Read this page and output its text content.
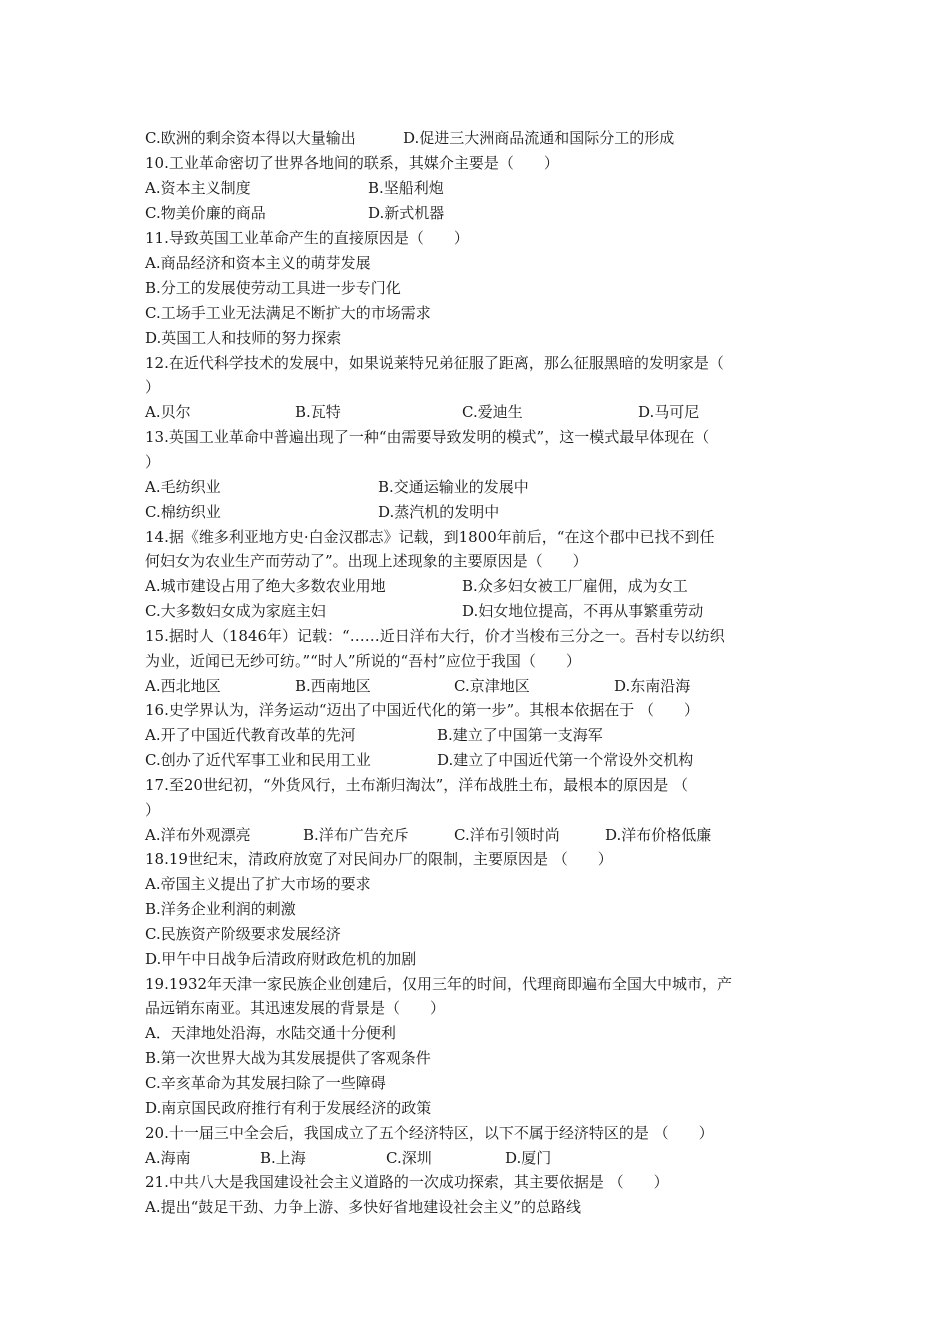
C.欧洲的剩余资本得以大量输出	D.促进三大洲商品流通和国际分工的形成
10.工业革命密切了世界各地间的联系，其媒介主要是（　　）
A.资本主义制度	B.坚船利炮
C.物美价廉的商品	D.新式机器
11.导致英国工业革命产生的直接原因是（　　）
A.商品经济和资本主义的萌芽发展
B.分工的发展使劳动工具进一步专门化
C.工场手工业无法满足不断扩大的市场需求
D.英国工人和技师的努力探索
12.在近代科学技术的发展中，如果说莱特兄弟征服了距离，那么征服黑暗的发明家是（
）
A.贝尔	B.瓦特	C.爱迪生	D.马可尼
13.英国工业革命中普遍出现了一种“由需要导致发明的模式”，这一模式最早体现在（
）
A.毛纺织业	B.交通运输业的发展中
C.棉纺织业	D.蒸汽机的发明中
14.据《维多利亚地方史·白金汉郡志》记载，到1800年前后，“在这个郡中已找不到任
何妇女为农业生产而劳动了”。出现上述现象的主要原因是（　　）
A.城市建设占用了绝大多数农业用地	B.众多妇女被工厂雇佣，成为女工
C.大多数妇女成为家庭主妇	D.妇女地位提高，不再从事繁重劳动
15.据时人（1846年）记载：“……近日洋布大行，价才当梭布三分之一。吾村专以纺织
为业，近闻已无纱可纺。”“时人”所说的“吾村”应位于我国（　　）
A.西北地区	B.西南地区	C.京津地区	D.东南沿海
16.史学界认为，洋务运动“迈出了中国近代化的第一步”。其根本依据在于 （　　）
A.开了中国近代教育改革的先河	B.建立了中国第一支海军
C.创办了近代军事工业和民用工业	D.建立了中国近代第一个常设外交机构
17.至20世纪初，“外货风行，土布渐归淘汰”，洋布战胜土布，最根本的原因是 （
）
A.洋布外观漂亮	B.洋布广告充斥	C.洋布引领时尚	D.洋布价格低廉
18.19世纪末，清政府放宽了对民间办厂的限制，主要原因是 （　　）
A.帝国主义提出了扩大市场的要求
B.洋务企业利润的刺激
C.民族资产阶级要求发展经济
D.甲午中日战争后清政府财政危机的加剧
19.1932年天津一家民族企业创建后，仅用三年的时间，代理商即遍布全国大中城市，产
品远销东南亚。其迅速发展的背景是（　　）
A．天津地处沿海，水陆交通十分便利
B.第一次世界大战为其发展提供了客观条件
C.辛亥革命为其发展扫除了一些障碍
D.南京国民政府推行有利于发展经济的政策
20.十一届三中全会后，我国成立了五个经济特区，以下不属于经济特区的是 （　　）
A.海南	B.上海	C.深圳	D.厦门
21.中共八大是我国建设社会主义道路的一次成功探索，其主要依据是 （　　）
A.提出“鼓足干劲、力争上游、多快好省地建设社会主义”的总路线
